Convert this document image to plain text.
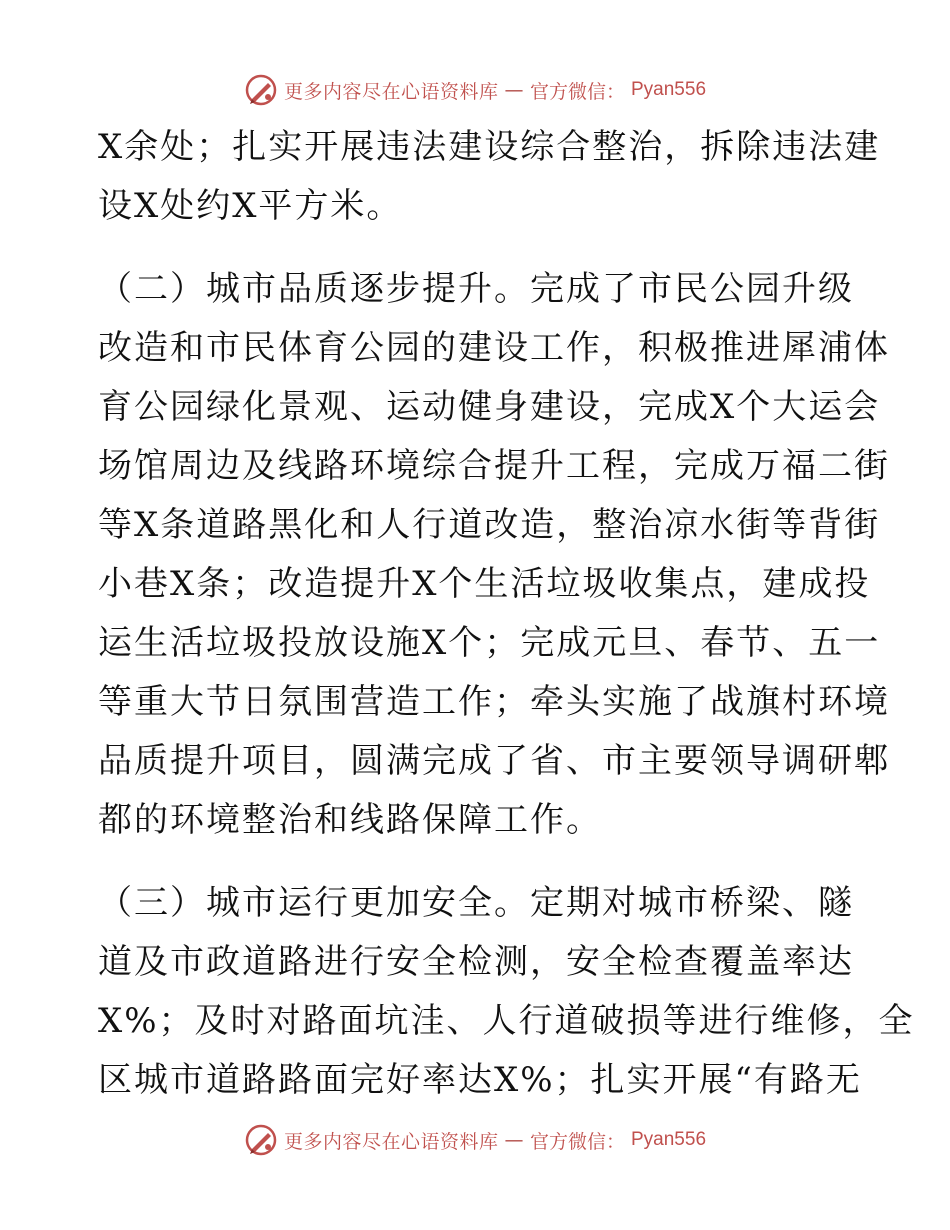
更多内容尽在心语资料库 — 官方微信： Pyan556
X余处；扎实开展违法建设综合整治，拆除违法建
设X处约X平方米。
（二）城市品质逐步提升。完成了市民公园升级
改造和市民体育公园的建设工作，积极推进犀浦体
育公园绿化景观、运动健身建设，完成X个大运会
场馆周边及线路环境综合提升工程，完成万福二街
等X条道路黑化和人行道改造，整治凉水街等背街
小巷X条；改造提升X个生活垃圾收集点，建成投
运生活垃圾投放设施X个；完成元旦、春节、五一
等重大节日氛围营造工作；牵头实施了战旗村环境
品质提升项目，圆满完成了省、市主要领导调研郫
都的环境整治和线路保障工作。
（三）城市运行更加安全。定期对城市桥梁、隧
道及市政道路进行安全检测，安全检查覆盖率达
X%；及时对路面坑洼、人行道破损等进行维修，全
区城市道路路面完好率达X%；扎实开展“有路无
更多内容尽在心语资料库 — 官方微信： Pyan556
